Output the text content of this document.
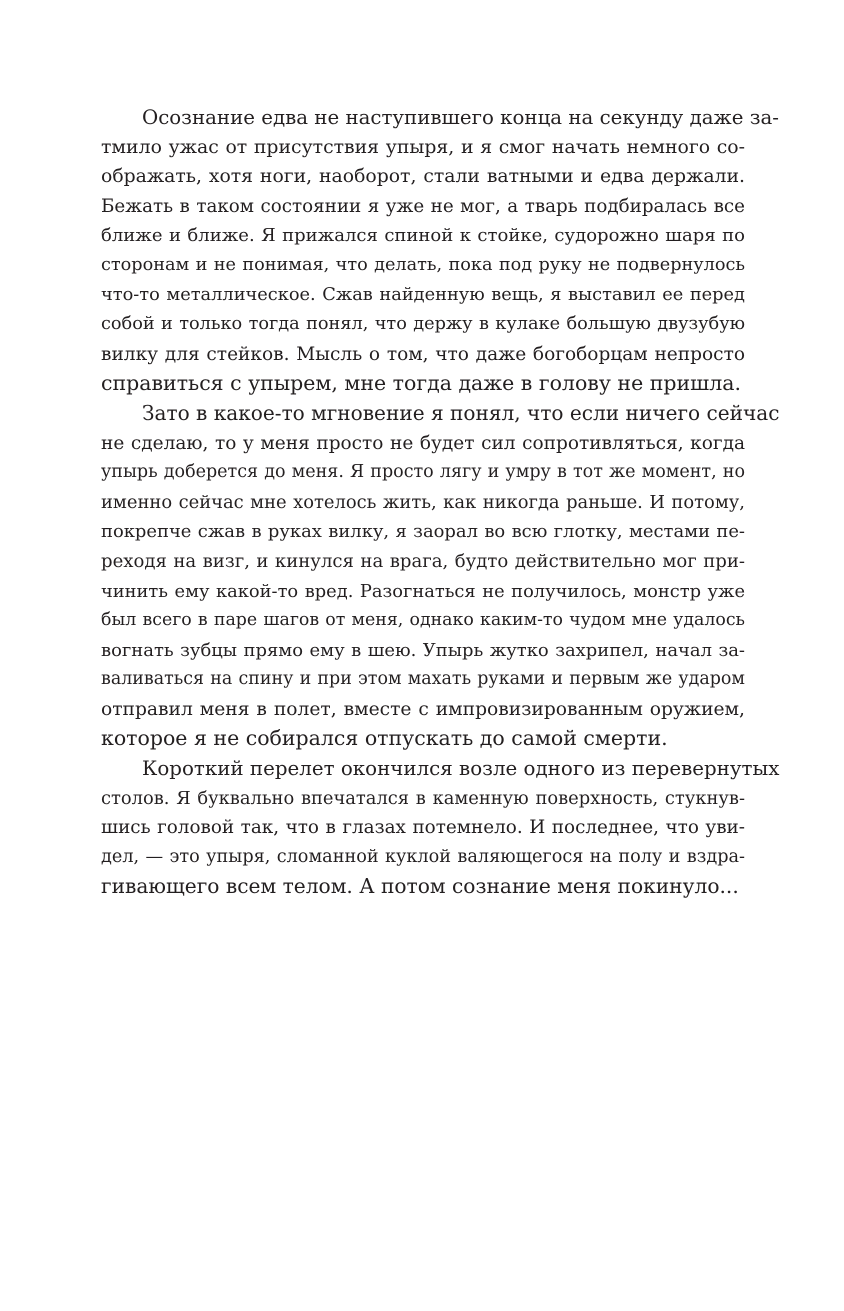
Осознание едва не наступившего конца на секунду даже за-
тмило ужас от присутствия упыря, и я смог начать немного со-
ображать, хотя ноги, наоборот, стали ватными и едва держали.
Бежать в таком состоянии я уже не мог, а тварь подбиралась все
ближе и ближе. Я прижался спиной к стойке, судорожно шаря по
сторонам и не понимая, что делать, пока под руку не подвернулось
что-то металлическое. Сжав найденную вещь, я выставил ее перед
собой и только тогда понял, что держу в кулаке большую двузубую
вилку для стейков. Мысль о том, что даже богоборцам непросто
справиться с упырем, мне тогда даже в голову не пришла.
Зато в какое-то мгновение я понял, что если ничего сейчас
не сделаю, то у меня просто не будет сил сопротивляться, когда
упырь доберется до меня. Я просто лягу и умру в тот же момент, но
именно сейчас мне хотелось жить, как никогда раньше. И потому,
покрепче сжав в руках вилку, я заорал во всю глотку, местами пе-
реходя на визг, и кинулся на врага, будто действительно мог при-
чинить ему какой-то вред. Разогнаться не получилось, монстр уже
был всего в паре шагов от меня, однако каким-то чудом мне удалось
вогнать зубцы прямо ему в шею. Упырь жутко захрипел, начал за-
валиваться на спину и при этом махать руками и первым же ударом
отправил меня в полет, вместе с импровизированным оружием,
которое я не собирался отпускать до самой смерти.
Короткий перелет окончился возле одного из перевернутых
столов. Я буквально впечатался в каменную поверхность, стукнув-
шись головой так, что в глазах потемнело. И последнее, что уви-
дел, — это упыря, сломанной куклой валяющегося на полу и вздра-
гивающего всем телом. А потом сознание меня покинуло...
